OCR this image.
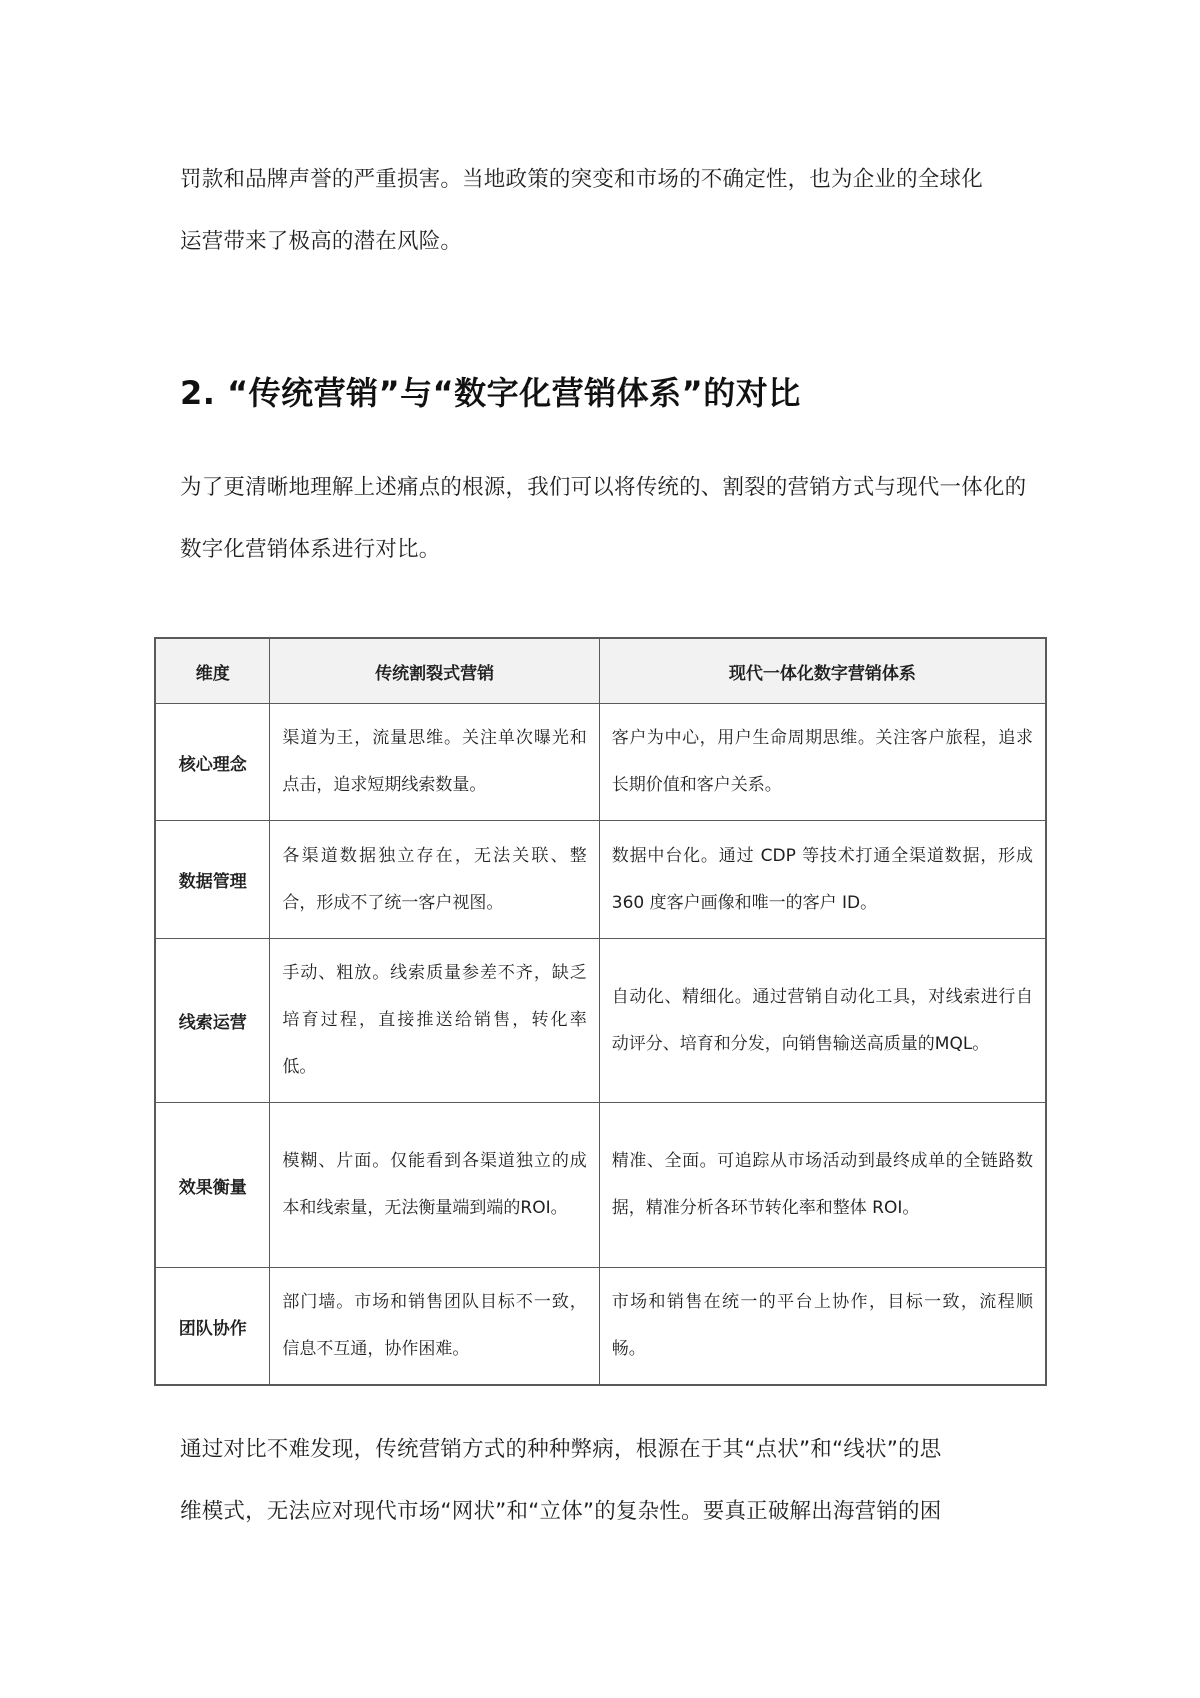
罚款和品牌声誉的严重损害。当地政策的突变和市场的不确定性，也为企业的全球化
运营带来了极高的潜在风险。

2. “传统营销”与“数字化营销体系”的对比

为了更清晰地理解上述痛点的根源，我们可以将传统的、割裂的营销方式与现代一体化的数字化营销体系进行对比。

维度	传统割裂式营销	现代一体化数字营销体系
核心理念	渠道为王，流量思维。关注单次曝光和点击，追求短期线索数量。	客户为中心，用户生命周期思维。关注客户旅程，追求长期价值和客户关系。
数据管理	各渠道数据独立存在，无法关联、整合，形成不了统一客户视图。	数据中台化。通过 CDP 等技术打通全渠道数据，形成 360 度客户画像和唯一的客户 ID。
线索运营	手动、粗放。线索质量参差不齐，缺乏培育过程，直接推送给销售，转化率低。	自动化、精细化。通过营销自动化工具，对线索进行自动评分、培育和分发，向销售输送高质量的MQL。
效果衡量	模糊、片面。仅能看到各渠道独立的成本和线索量，无法衡量端到端的ROI。	精准、全面。可追踪从市场活动到最终成单的全链路数据，精准分析各环节转化率和整体 ROI。
团队协作	部门墙。市场和销售团队目标不一致，信息不互通，协作困难。	市场和销售在统一的平台上协作，目标一致，流程顺畅。

通过对比不难发现，传统营销方式的种种弊病，根源在于其“点状”和“线状”的思
维模式，无法应对现代市场“网状”和“立体”的复杂性。要真正破解出海营销的困
